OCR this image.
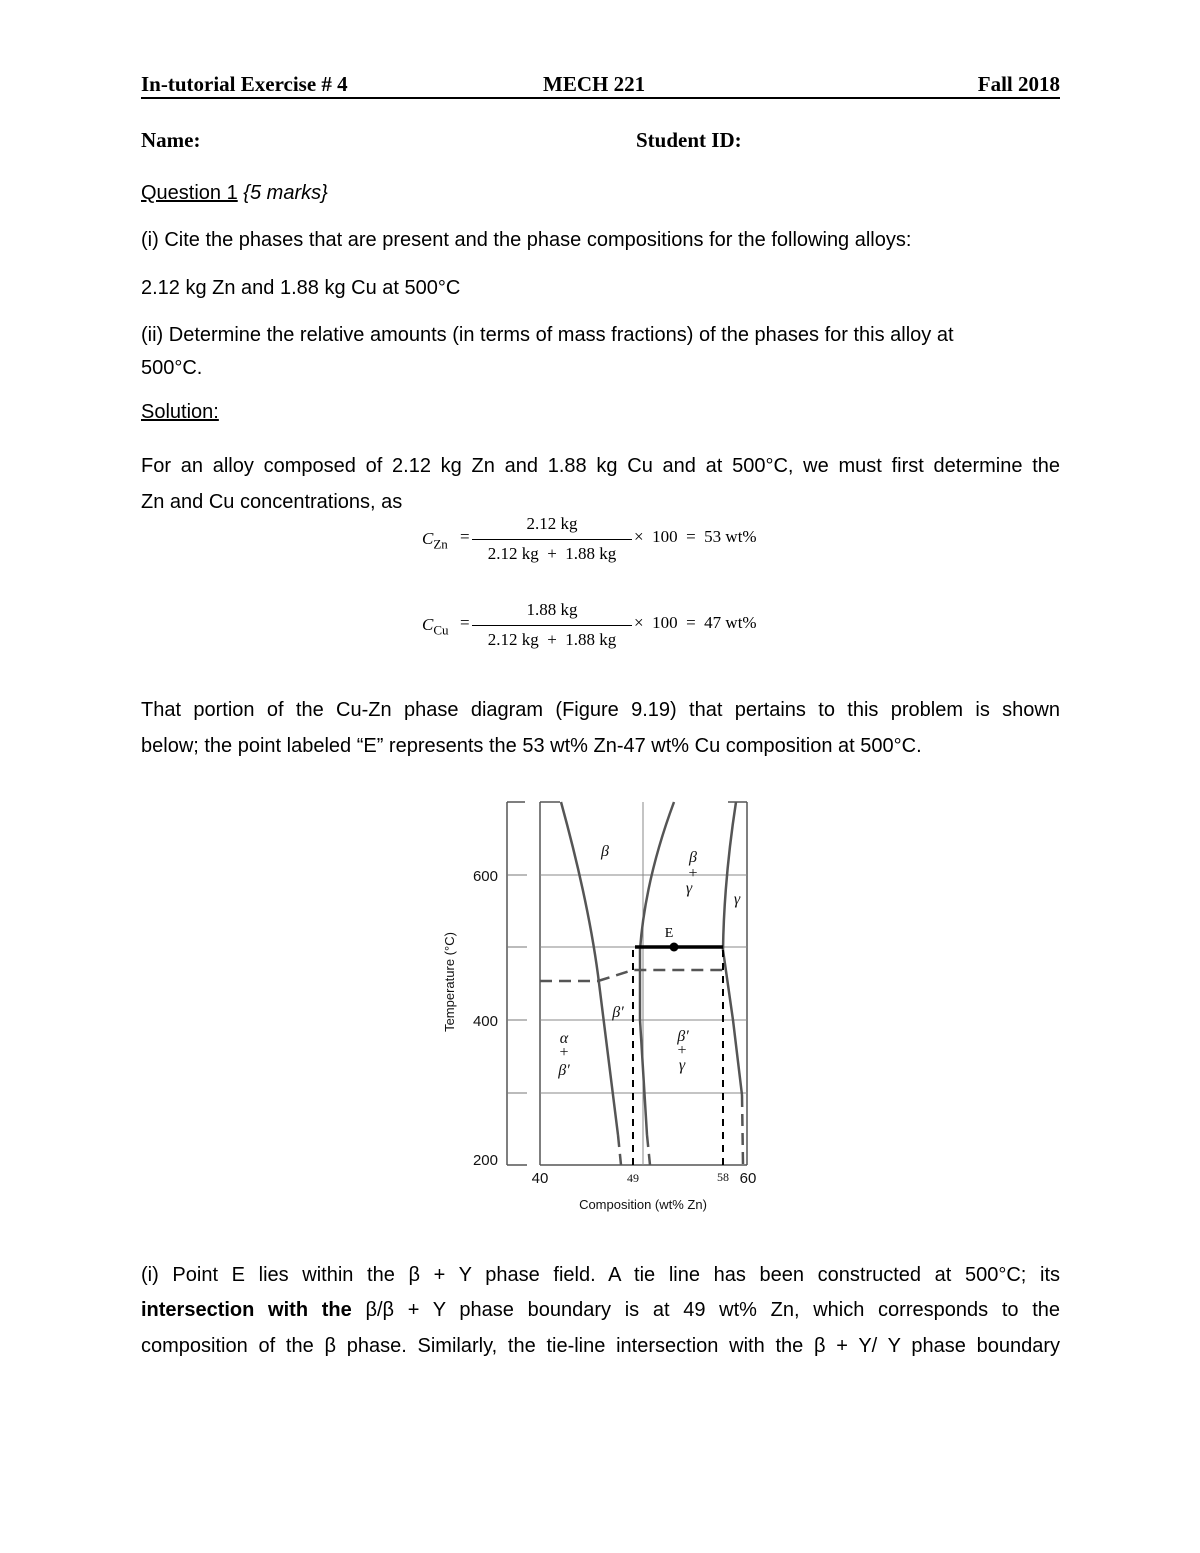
In-tutorial Exercise # 4	MECH 221	Fall 2018
Name:	Student ID:
Question 1 {5 marks}
(i) Cite the phases that are present and the phase compositions for the following alloys:
2.12 kg Zn and 1.88 kg Cu at 500°C
(ii) Determine the relative amounts (in terms of mass fractions) of the phases for this alloy at
500°C.
Solution:
For an alloy composed of 2.12 kg Zn and 1.88 kg Cu and at 500°C, we must first determine the
Zn and Cu concentrations, as
$C_{Zn}$ =
2.12 kg
2.12 kg  +  1.88 kg
×  100  =  53 wt%
$C_{Cu}$ =
1.88 kg
2.12 kg  +  1.88 kg
×  100  =  47 wt%
That portion of the Cu-Zn phase diagram (Figure 9.19) that pertains to this problem is shown
below; the point labeled “E” represents the 53 wt% Zn-47 wt% Cu composition at 500°C.
E
β	β
+
γ
γ
β′
α
+
β′
β′
+
γ
600
400
200
40	49	58 60
Composition (wt% Zn)
Temperature (°C)
(i) Point E lies within the β + Υ phase field. A tie line has been constructed at 500°C; its
intersection with the β/β + Υ phase boundary is at 49 wt% Zn, which corresponds to the
composition of the β phase. Similarly, the tie-line intersection with the β + Υ/ Υ phase boundary
